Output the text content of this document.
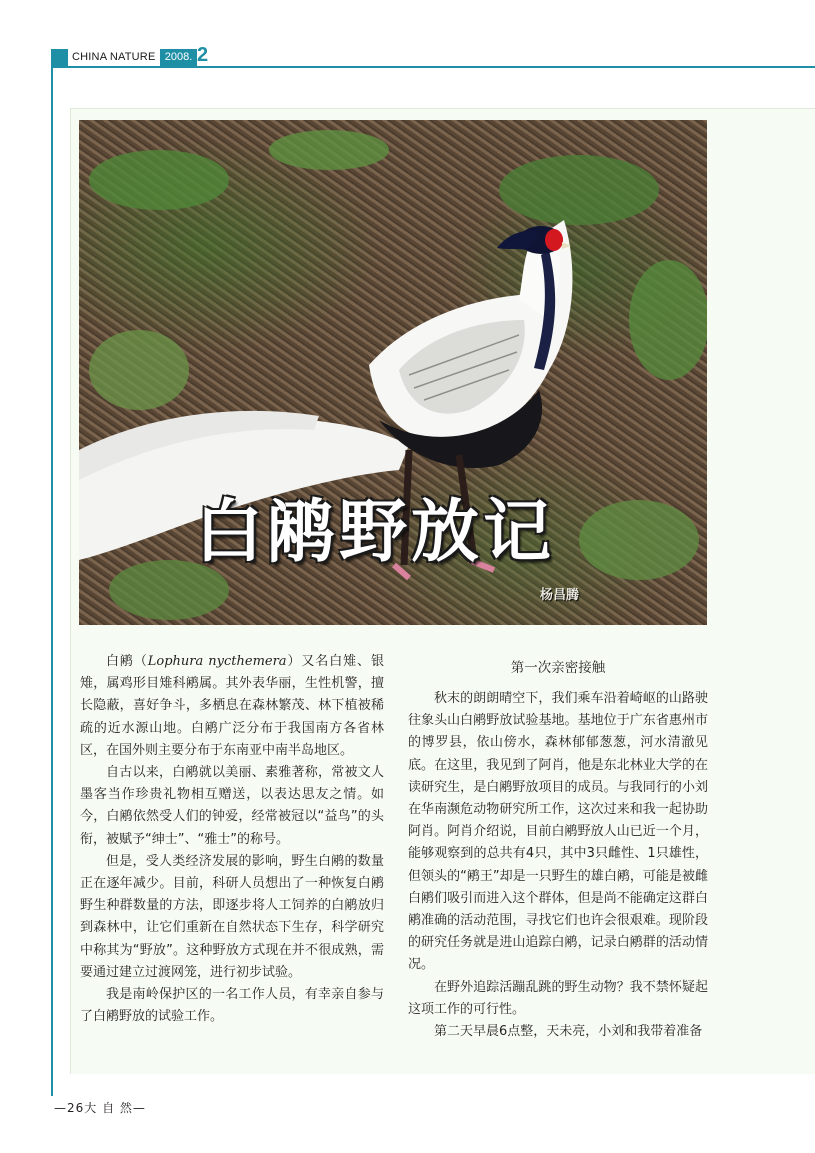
CHINA NATURE 2008. 2
白鹇野放记
杨昌腾

白鹇（Lophura nycthemera）又名白雉、银雉，属鸡形目雉科鹇属。其外表华丽，生性机警，擅长隐蔽，喜好争斗，多栖息在森林繁茂、林下植被稀疏的近水源山地。白鹇广泛分布于我国南方各省林区，在国外则主要分布于东南亚中南半岛地区。

自古以来，白鹇就以美丽、素雅著称，常被文人墨客当作珍贵礼物相互赠送，以表达思友之情。如今，白鹇依然受人们的钟爱，经常被冠以“益鸟”的头衔，被赋予“绅士”、“雅士”的称号。

但是，受人类经济发展的影响，野生白鹇的数量正在逐年减少。目前，科研人员想出了一种恢复白鹇野生种群数量的方法，即逐步将人工饲养的白鹇放归到森林中，让它们重新在自然状态下生存，科学研究中称其为“野放”。这种野放方式现在并不很成熟，需要通过建立过渡网笼，进行初步试验。

我是南岭保护区的一名工作人员，有幸亲自参与了白鹇野放的试验工作。

第一次亲密接触

秋末的朗朗晴空下，我们乘车沿着崎岖的山路驶往象头山白鹇野放试验基地。基地位于广东省惠州市的博罗县，依山傍水，森林郁郁葱葱，河水清澈见底。在这里，我见到了阿肖，他是东北林业大学的在读研究生，是白鹇野放项目的成员。与我同行的小刘在华南濒危动物研究所工作，这次过来和我一起协助阿肖。阿肖介绍说，目前白鹇野放人山已近一个月，能够观察到的总共有4只，其中3只雌性、1只雄性，但领头的“鹇王”却是一只野生的雄白鹇，可能是被雌白鹇们吸引而进入这个群体，但是尚不能确定这群白鹇准确的活动范围，寻找它们也许会很艰难。现阶段的研究任务就是进山追踪白鹇，记录白鹇群的活动情况。

在野外追踪活蹦乱跳的野生动物？我不禁怀疑起这项工作的可行性。

第二天早晨6点整，天未亮，小刘和我带着准备

—26大 自 然—
